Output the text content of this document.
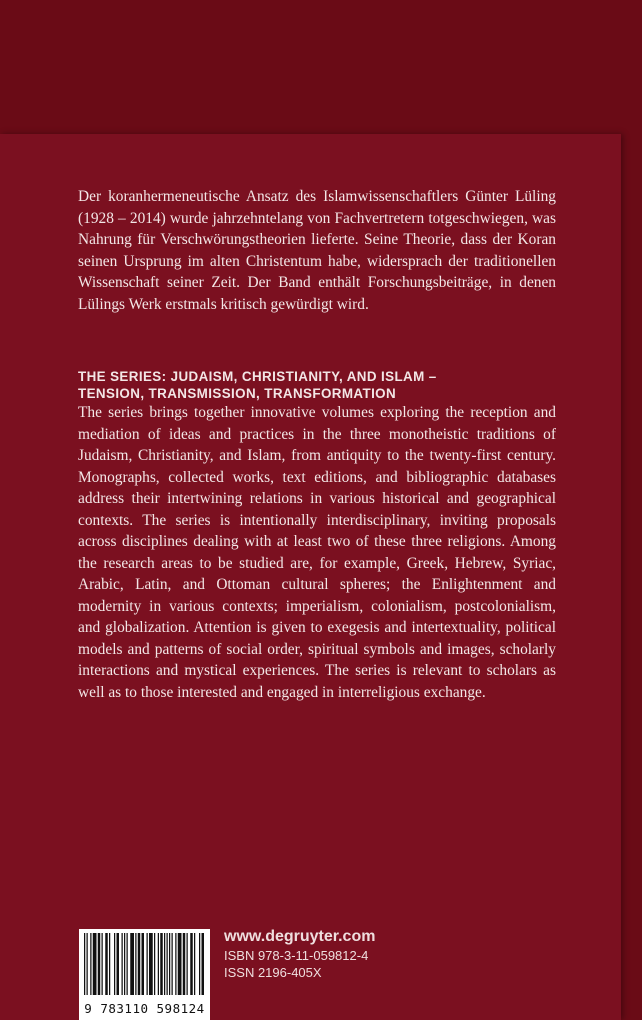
Der koranhermeneutische Ansatz des Islamwissenschaftlers Günter Lüling (1928 – 2014) wurde jahrzehntelang von Fachvertretern totgeschwiegen, was Nahrung für Verschwörungstheorien lieferte. Seine Theorie, dass der Koran seinen Ursprung im alten Christentum habe, widersprach der traditionellen Wissenschaft seiner Zeit. Der Band enthält Forschungsbeiträge, in denen Lülings Werk erstmals kritisch gewürdigt wird.

THE SERIES: JUDAISM, CHRISTIANITY, AND ISLAM –
TENSION, TRANSMISSION, TRANSFORMATION

The series brings together innovative volumes exploring the reception and mediation of ideas and practices in the three monotheistic traditions of Judaism, Christianity, and Islam, from antiquity to the twenty-first century. Monographs, collected works, text editions, and bibliographic databases address their intertwining relations in various historical and geographical contexts. The series is intentionally interdisciplinary, inviting proposals across disciplines dealing with at least two of these three religions. Among the research areas to be studied are, for example, Greek, Hebrew, Syriac, Arabic, Latin, and Ottoman cultural spheres; the Enlightenment and modernity in various contexts; imperialism, colonialism, postcolonialism, and globalization. Attention is given to exegesis and intertextuality, political models and patterns of social order, spiritual symbols and images, scholarly interactions and mystical experiences. The series is relevant to scholars as well as to those interested and engaged in interreligious exchange.

9 783110 598124
www.degruyter.com
ISBN 978-3-11-059812-4
ISSN 2196-405X
